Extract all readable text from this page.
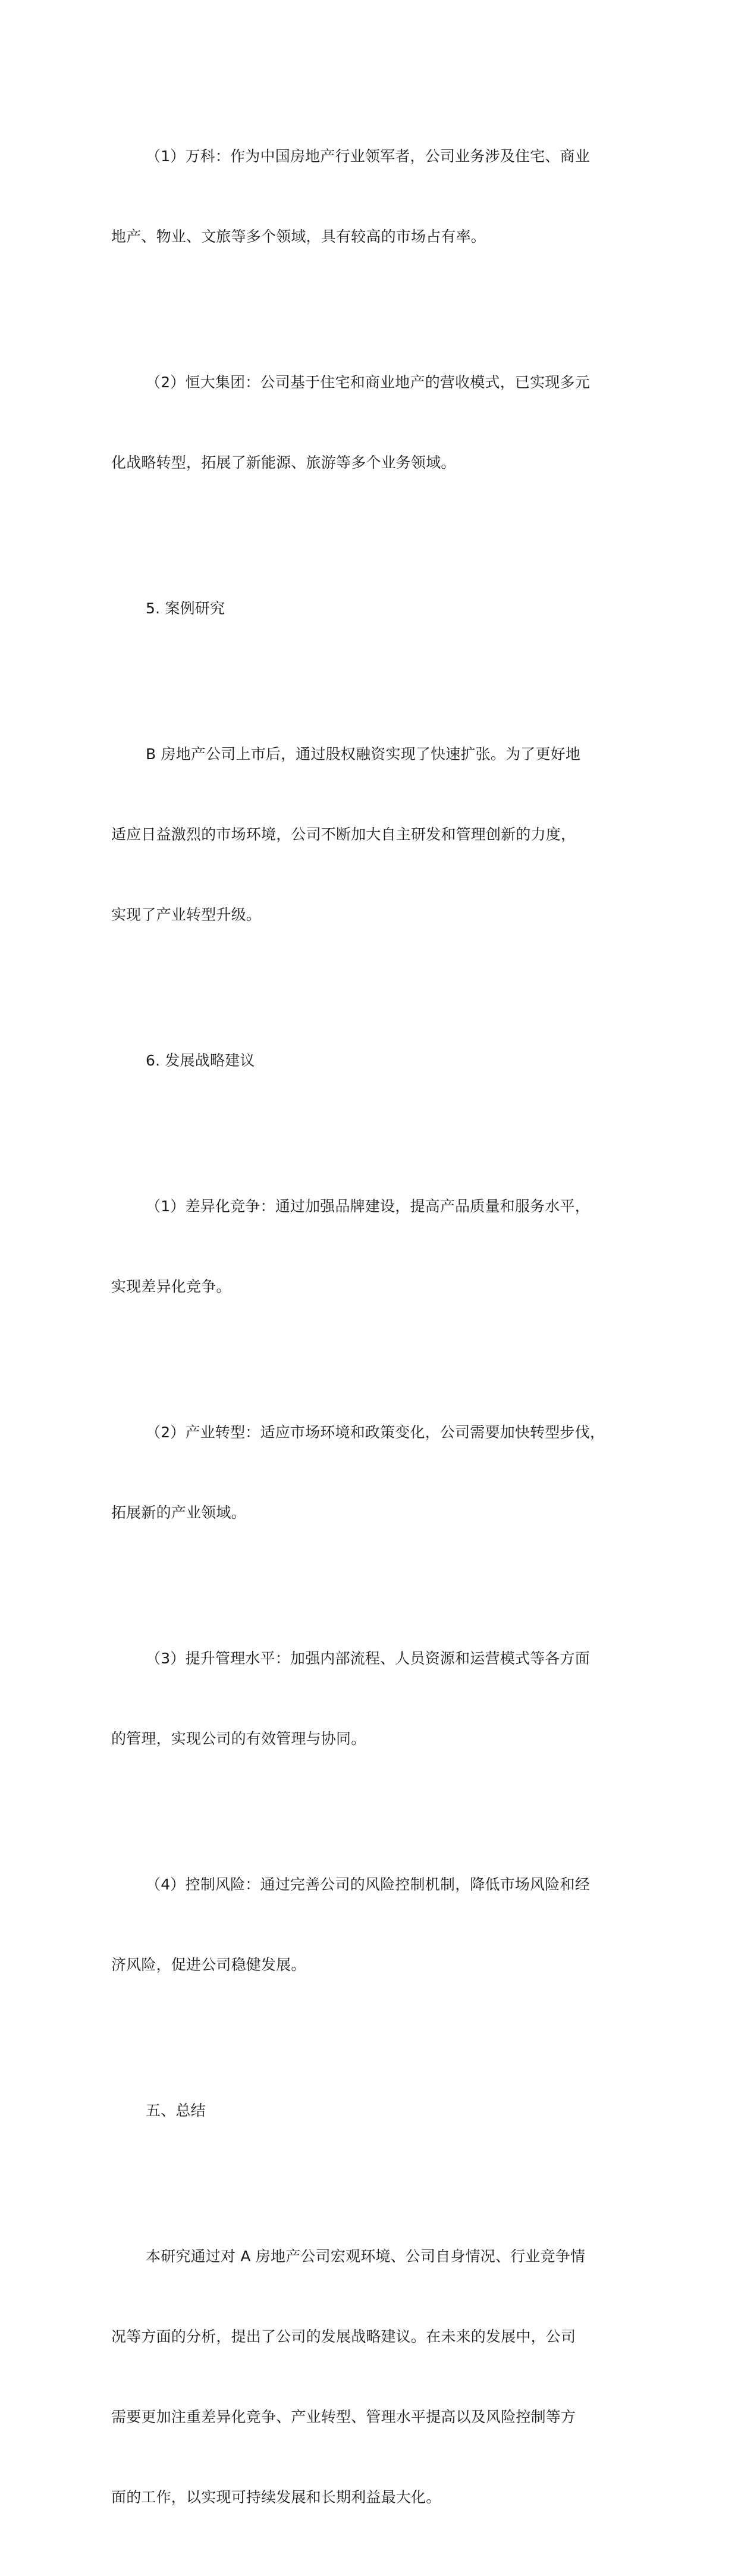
（1）万科：作为中国房地产行业领军者，公司业务涉及住宅、商业

地产、物业、文旅等多个领域，具有较高的市场占有率。

（2）恒大集团：公司基于住宅和商业地产的营收模式，已实现多元

化战略转型，拓展了新能源、旅游等多个业务领域。

5. 案例研究

B 房地产公司上市后，通过股权融资实现了快速扩张。为了更好地

适应日益激烈的市场环境，公司不断加大自主研发和管理创新的力度，

实现了产业转型升级。

6. 发展战略建议

（1）差异化竞争：通过加强品牌建设，提高产品质量和服务水平，

实现差异化竞争。

（2）产业转型：适应市场环境和政策变化，公司需要加快转型步伐，

拓展新的产业领域。

（3）提升管理水平：加强内部流程、人员资源和运营模式等各方面

的管理，实现公司的有效管理与协同。

（4）控制风险：通过完善公司的风险控制机制，降低市场风险和经

济风险，促进公司稳健发展。

五、总结

本研究通过对 A 房地产公司宏观环境、公司自身情况、行业竞争情

况等方面的分析，提出了公司的发展战略建议。在未来的发展中，公司

需要更加注重差异化竞争、产业转型、管理水平提高以及风险控制等方

面的工作，以实现可持续发展和长期利益最大化。
